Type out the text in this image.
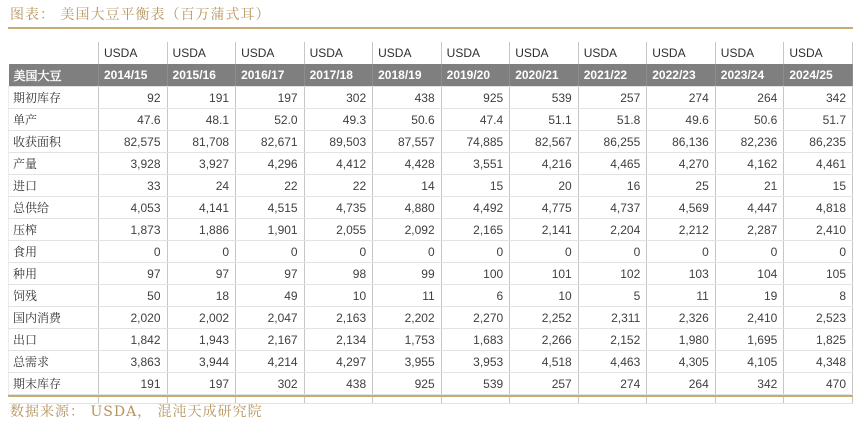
图表： 美国大豆平衡表（百万蒲式耳）
	USDA	USDA	USDA	USDA	USDA	USDA	USDA	USDA	USDA	USDA	USDA
美国大豆	2014/15	2015/16	2016/17	2017/18	2018/19	2019/20	2020/21	2021/22	2022/23	2023/24	2024/25
期初库存	92	191	197	302	438	925	539	257	274	264	342
单产	47.6	48.1	52.0	49.3	50.6	47.4	51.1	51.8	49.6	50.6	51.7
收获面积	82,575	81,708	82,671	89,503	87,557	74,885	82,567	86,255	86,136	82,236	86,235
产量	3,928	3,927	4,296	4,412	4,428	3,551	4,216	4,465	4,270	4,162	4,461
进口	33	24	22	22	14	15	20	16	25	21	15
总供给	4,053	4,141	4,515	4,735	4,880	4,492	4,775	4,737	4,569	4,447	4,818
压榨	1,873	1,886	1,901	2,055	2,092	2,165	2,141	2,204	2,212	2,287	2,410
食用	0	0	0	0	0	0	0	0	0	0	0
种用	97	97	97	98	99	100	101	102	103	104	105
饲残	50	18	49	10	11	6	10	5	11	19	8
国内消费	2,020	2,002	2,047	2,163	2,202	2,270	2,252	2,311	2,326	2,410	2,523
出口	1,842	1,943	2,167	2,134	1,753	1,683	2,266	2,152	1,980	1,695	1,825
总需求	3,863	3,944	4,214	4,297	3,955	3,953	4,518	4,463	4,305	4,105	4,348
期末库存	191	197	302	438	925	539	257	274	264	342	470

数据来源： USDA， 混沌天成研究院
